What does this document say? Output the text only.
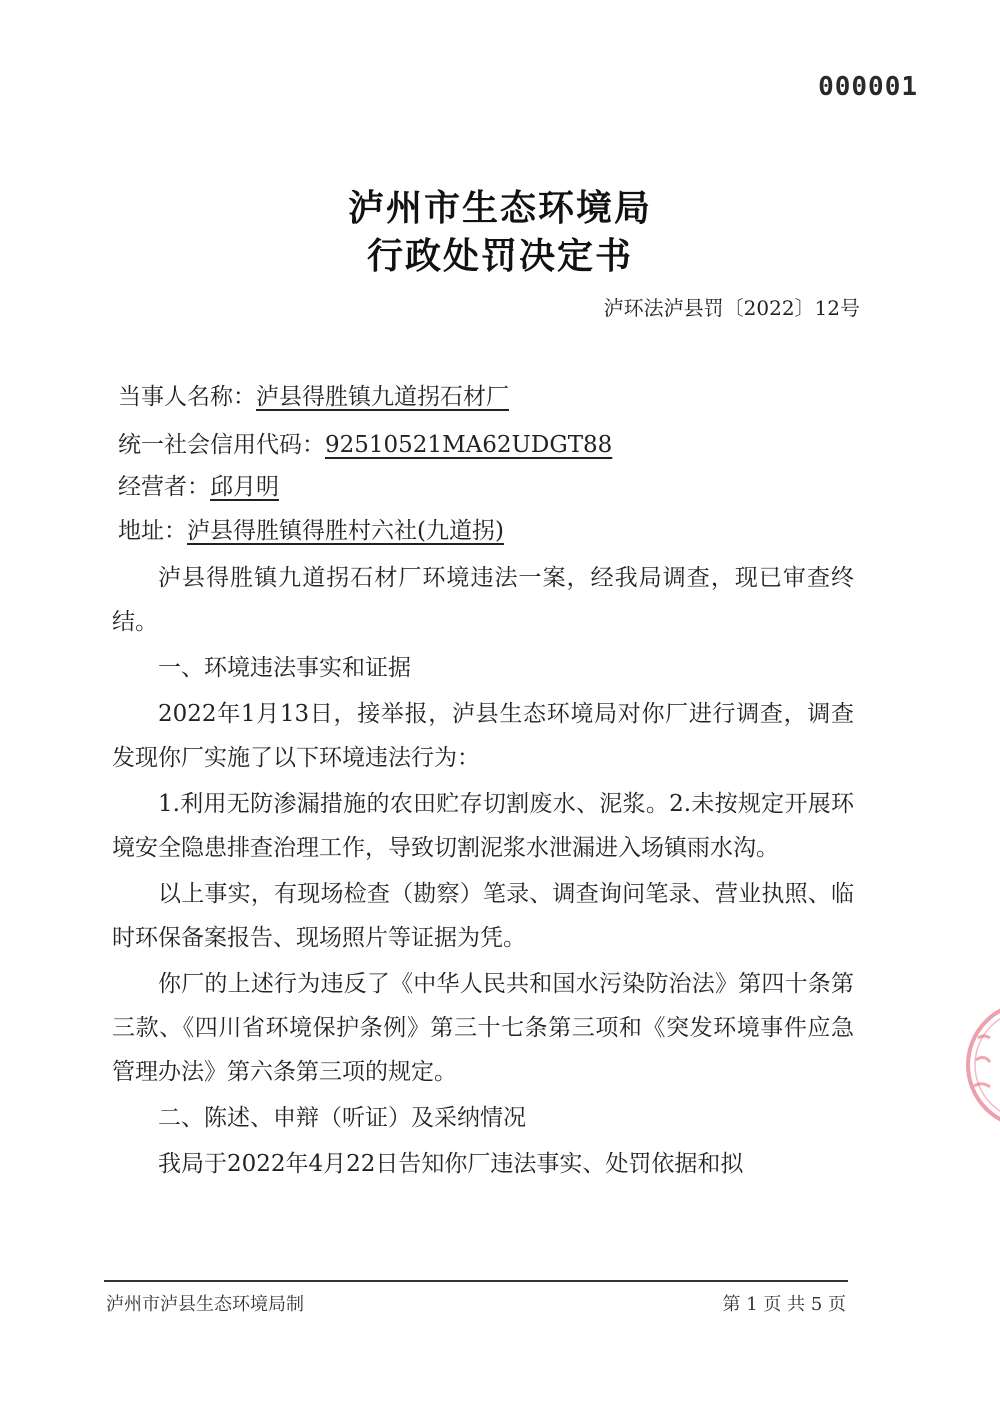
000001
泸州市生态环境局
行政处罚决定书
泸环法泸县罚〔2022〕12号
当事人名称：泸县得胜镇九道拐石材厂
统一社会信用代码：92510521MA62UDGT88
经营者：邱月明
地址：泸县得胜镇得胜村六社(九道拐)

泸县得胜镇九道拐石材厂环境违法一案，经我局调查，现已审查终结。

一、环境违法事实和证据

2022年1月13日，接举报，泸县生态环境局对你厂进行调查，调查发现你厂实施了以下环境违法行为：

1.利用无防渗漏措施的农田贮存切割废水、泥浆。2.未按规定开展环境安全隐患排查治理工作，导致切割泥浆水泄漏进入场镇雨水沟。

以上事实，有现场检查（勘察）笔录、调查询问笔录、营业执照、临时环保备案报告、现场照片等证据为凭。

你厂的上述行为违反了《中华人民共和国水污染防治法》第四十条第三款、《四川省环境保护条例》第三十七条第三项和《突发环境事件应急管理办法》第六条第三项的规定。

二、陈述、申辩（听证）及采纳情况

我局于2022年4月22日告知你厂违法事实、处罚依据和拟

泸州市泸县生态环境局制	第 1 页 共 5 页
